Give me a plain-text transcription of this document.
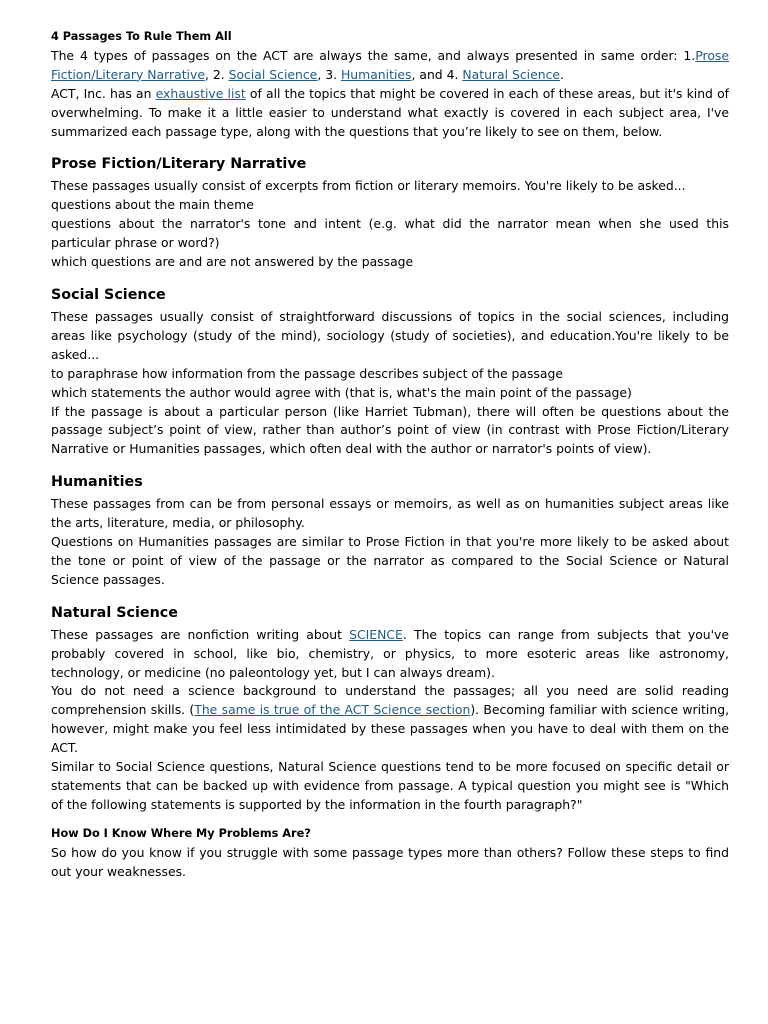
4 Passages To Rule Them All

The 4 types of passages on the ACT are always the same, and always presented in same order: 1.Prose Fiction/Literary Narrative, 2. Social Science, 3. Humanities, and 4. Natural Science.

ACT, Inc. has an exhaustive list of all the topics that might be covered in each of these areas, but it's kind of overwhelming. To make it a little easier to understand what exactly is covered in each subject area, I've summarized each passage type, along with the questions that you’re likely to see on them, below.

Prose Fiction/Literary Narrative

These passages usually consist of excerpts from fiction or literary memoirs. You're likely to be asked...

questions about the main theme

questions about the narrator's tone and intent (e.g. what did the narrator mean when she used this particular phrase or word?)

which questions are and are not answered by the passage

Social Science

These passages usually consist of straightforward discussions of topics in the social sciences, including areas like psychology (study of the mind), sociology (study of societies), and education.You're likely to be asked...

to paraphrase how information from the passage describes subject of the passage

which statements the author would agree with (that is, what's the main point of the passage)

If the passage is about a particular person (like Harriet Tubman), there will often be questions about the passage subject’s point of view, rather than author’s point of view (in contrast with Prose Fiction/Literary Narrative or Humanities passages, which often deal with the author or narrator's points of view).

Humanities

These passages from can be from personal essays or memoirs, as well as on humanities subject areas like the arts, literature, media, or philosophy.

Questions on Humanities passages are similar to Prose Fiction in that you're more likely to be asked about the tone or point of view of the passage or the narrator as compared to the Social Science or Natural Science passages.

Natural Science

These passages are nonfiction writing about SCIENCE. The topics can range from subjects that you've probably covered in school, like bio, chemistry, or physics, to more esoteric areas like astronomy, technology, or medicine (no paleontology yet, but I can always dream).

You do not need a science background to understand the passages; all you need are solid reading comprehension skills. (The same is true of the ACT Science section). Becoming familiar with science writing, however, might make you feel less intimidated by these passages when you have to deal with them on the ACT.

Similar to Social Science questions, Natural Science questions tend to be more focused on specific detail or statements that can be backed up with evidence from passage. A typical question you might see is "Which of the following statements is supported by the information in the fourth paragraph?"

How Do I Know Where My Problems Are?

So how do you know if you struggle with some passage types more than others? Follow these steps to find out your weaknesses.
